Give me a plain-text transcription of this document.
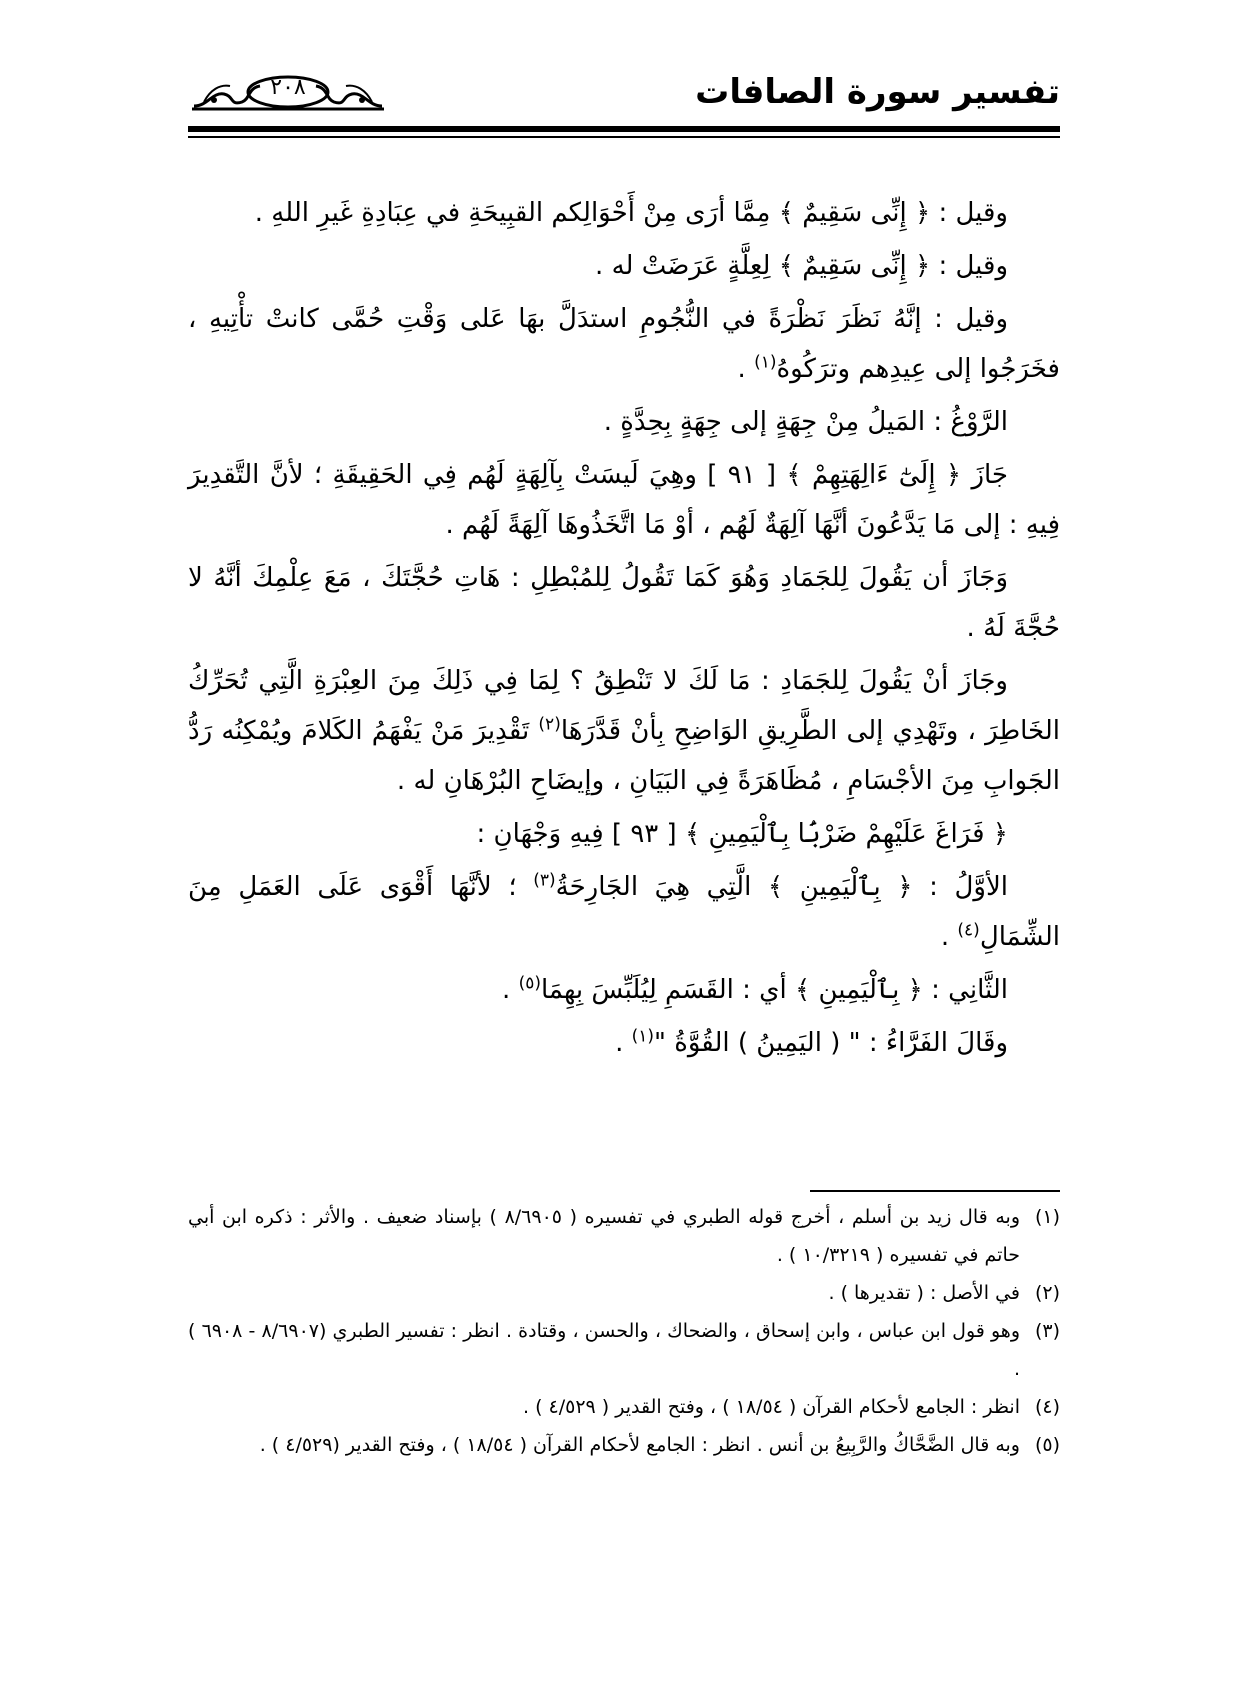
تفسير سورة الصافات
٢٠٨

وقيل : ﴿ إِنِّى سَقِيمٌ ﴾ مِمَّا أرَى مِنْ أَحْوَالِكم القبِيحَةِ في عِبَادِةِ غَيرِ اللهِ .

وقيل : ﴿ إِنِّى سَقِيمٌ ﴾ لِعِلَّةٍ عَرَضَتْ له .

وقيل : إنَّهُ نَظَرَ نَظْرَةً في النُّجُومِ استدَلَّ بهَا عَلى وَقْتِ حُمَّى كانتْ تأْتِيهِ ، فخَرَجُوا إلى عِيدِهم وترَكُوهُ$^{(١)}$ .

الرَّوْغُ : المَيلُ مِنْ جِهَةٍ إلى جِهَةٍ بِحِدَّةٍ .

جَازَ ﴿ إِلَىٰٓ ءَالِهَتِهِمْ ﴾ [ ٩١ ] وهِيَ لَيسَتْ بِآلِهَةٍ لَهُم فِي الحَقِيقَةِ ؛ لأنَّ التَّقدِيرَ فِيهِ : إلى مَا يَدَّعُونَ أنَّهَا آلِهَةٌ لَهُم ، أوْ مَا اتَّخَذُوهَا آلِهَةً لَهُم .

وَجَازَ أن يَقُولَ لِلجَمَادِ وَهُوَ كَمَا تَقُولُ لِلمُبْطِلِ : هَاتِ حُجَّتَكَ ، مَعَ عِلْمِكَ أنَّهُ لا حُجَّةَ لَهُ .

وجَازَ أنْ يَقُولَ لِلجَمَادِ : مَا لَكَ لا تَنْطِقُ ؟ لِمَا فِي ذَلِكَ مِنَ العِبْرَةِ الَّتِي تُحَرِّكُ الخَاطِرَ ، وتَهْدِي إلى الطَّرِيقِ الوَاضِحِ بِأنْ قَدَّرَهَا$^{(٢)}$ تَقْدِيرَ مَنْ يَفْهَمُ الكَلامَ ويُمْكِنُه رَدُّ الجَوابِ مِنَ الأجْسَامِ ، مُظَاهَرَةً فِي البَيَانِ ، وإيضَاحِ البُرْهَانِ له .

﴿ فَرَاغَ عَلَيْهِمْ ضَرْبَۢا بِٱلْيَمِينِ ﴾ [ ٩٣ ] فِيهِ وَجْهَانِ :

الأوَّلُ : ﴿ بِٱلْيَمِينِ ﴾ الَّتِي هِيَ الجَارِحَةُ$^{(٣)}$ ؛ لأنَّهَا أَقْوَى عَلَى العَمَلِ مِنَ الشِّمَالِ$^{(٤)}$ .

الثَّانِي : ﴿ بِٱلْيَمِينِ ﴾ أي : القَسَمِ لِيُلَبِّسَ بِهِمَا$^{(٥)}$ .

وقَالَ الفَرَّاءُ : " ( اليَمِينُ ) القُوَّةُ "$^{(١)}$ .

(١)
وبه قال زيد بن أسلم ، أخرج قوله الطبري في تفسيره ( ٨/٦٩٠٥ ) بإسناد ضعيف . والأثر : ذكره ابن أبي حاتم في تفسيره ( ١٠/٣٢١٩ ) .
(٢)
في الأصل : ( تقديرها ) .
(٣)
وهو قول ابن عباس ، وابن إسحاق ، والضحاك ، والحسن ، وقتادة . انظر : تفسير الطبري (٨/٦٩٠٧ - ٦٩٠٨ ) .
(٤)
انظر : الجامع لأحكام القرآن ( ١٨/٥٤ ) ، وفتح القدير ( ٤/٥٢٩ ) .
(٥)
وبه قال الضَّحَّاكُ والرَّبِيعُ بن أنس . انظر : الجامع لأحكام القرآن ( ١٨/٥٤ ) ، وفتح القدير (٤/٥٢٩ ) .
